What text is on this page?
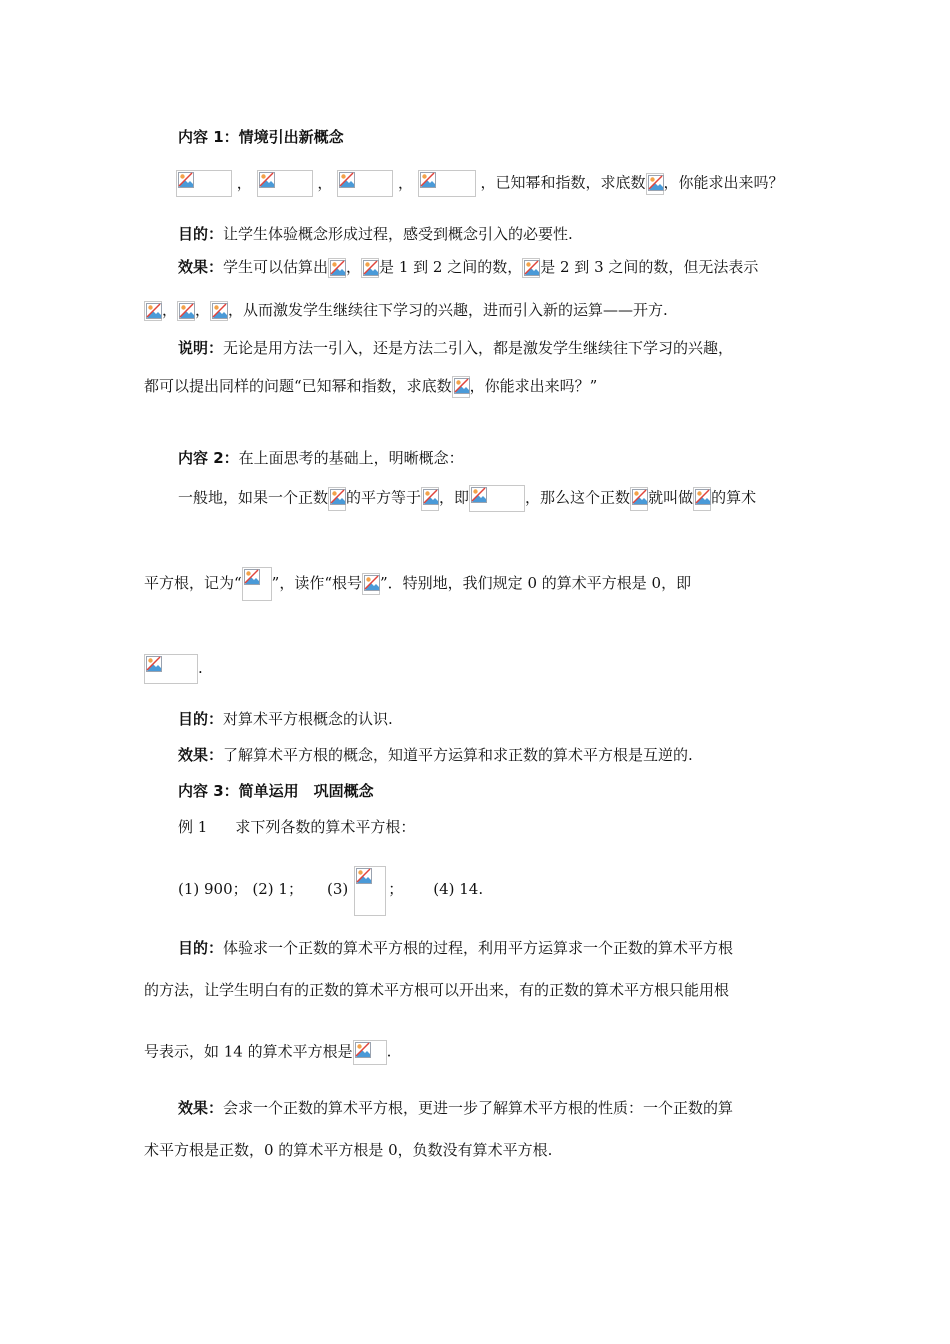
内容 1：情境引出新概念
，	，	，	，已知幂和指数，求底数 ，你能求出来吗？
目的：让学生体验概念形成过程，感受到概念引入的必要性.
效果：学生可以估算出 ， 是 1 到 2 之间的数， 是 2 到 3 之间的数，但无法表示
， ， ，从而激发学生继续往下学习的兴趣，进而引入新的运算——开方.
说明：无论是用方法一引入，还是方法二引入，都是激发学生继续往下学习的兴趣，
都可以提出同样的问题“已知幂和指数，求底数 ，你能求出来吗？”
内容 2：在上面思考的基础上，明晰概念：
一般地，如果一个正数 的平方等于 ，即	，那么这个正数 就叫做 的算术
平方根，记为“ ”，读作“根号 ”．特别地，我们规定 0 的算术平方根是 0，即
.
目的：对算术平方根概念的认识.
效果：了解算术平方根的概念，知道平方运算和求正数的算术平方根是互逆的.
内容 3：简单运用　巩固概念
例 1 求下列各数的算术平方根：
(1) 900； (2) 1； (3)	； (4) 14.
目的：体验求一个正数的算术平方根的过程，利用平方运算求一个正数的算术平方根
的方法，让学生明白有的正数的算术平方根可以开出来，有的正数的算术平方根只能用根
号表示，如 14 的算术平方根是 .
效果：会求一个正数的算术平方根，更进一步了解算术平方根的性质：一个正数的算
术平方根是正数，0 的算术平方根是 0，负数没有算术平方根.
